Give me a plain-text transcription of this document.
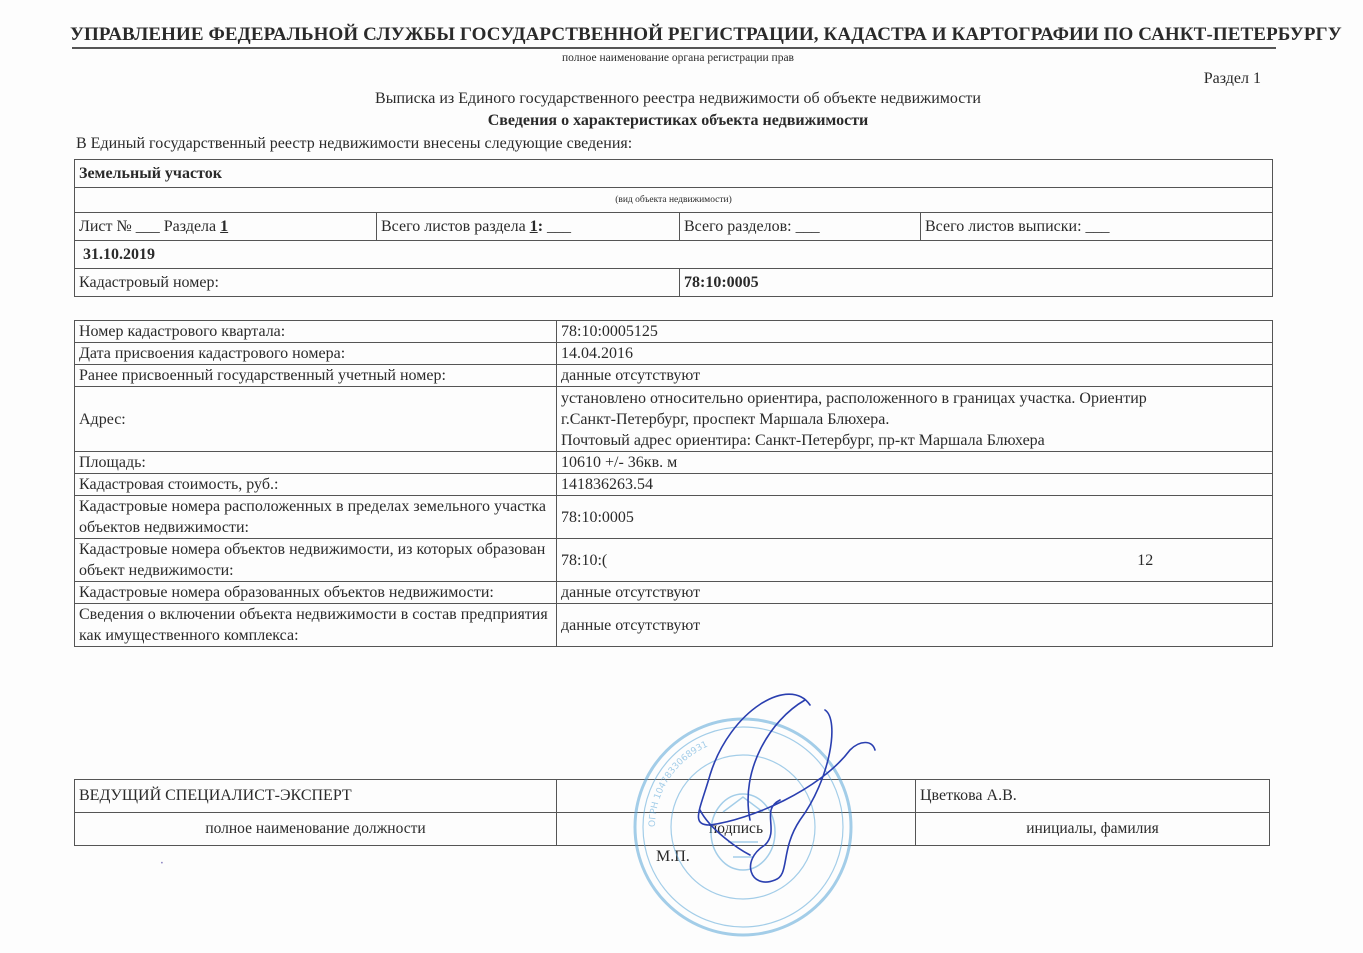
УПРАВЛЕНИЕ ФЕДЕРАЛЬНОЙ СЛУЖБЫ ГОСУДАРСТВЕННОЙ РЕГИСТРАЦИИ, КАДАСТРА И КАРТОГРАФИИ ПО САНКТ-ПЕТЕРБУРГУ
полное наименование органа регистрации прав
Раздел 1
Выписка из Единого государственного реестра недвижимости об объекте недвижимости
Сведения о характеристиках объекта недвижимости
В Единый государственный реестр недвижимости внесены следующие сведения:
Земельный участок			
(вид объекта недвижимости)			
Лист № ___ Раздела 1	Всего листов раздела 1: ___	Всего разделов: ___	Всего листов выписки: ___
31.10.2019			
Кадастровый номер:		78:10:0005	
Номер кадастрового квартала:	78:10:0005125
Дата присвоения кадастрового номера:	14.04.2016
Ранее присвоенный государственный учетный номер:	данные отсутствуют
Адрес:	установлено относительно ориентира, расположенного в границах участка. Ориентир
г.Санкт-Петербург, проспект Маршала Блюхера.
Почтовый адрес ориентира: Санкт-Петербург, пр-кт Маршала Блюхера

Площадь:	10610 +/- 36кв. м
Кадастровая стоимость, руб.:	141836263.54
Кадастровые номера расположенных в пределах земельного участка объектов недвижимости:	78:10:0005
Кадастровые номера объектов недвижимости, из которых образован объект недвижимости:	78:10:( 12
Кадастровые номера образованных объектов недвижимости:	данные отсутствуют
Сведения о включении объекта недвижимости в состав предприятия как имущественного комплекса:	данные отсутствуют
ВЕДУЩИЙ СПЕЦИАЛИСТ-ЭКСПЕРТ		Цветкова А.В.
полное наименование должности	подпись	инициалы, фамилия
М.П.
ОГРН 1047833068931
‧
